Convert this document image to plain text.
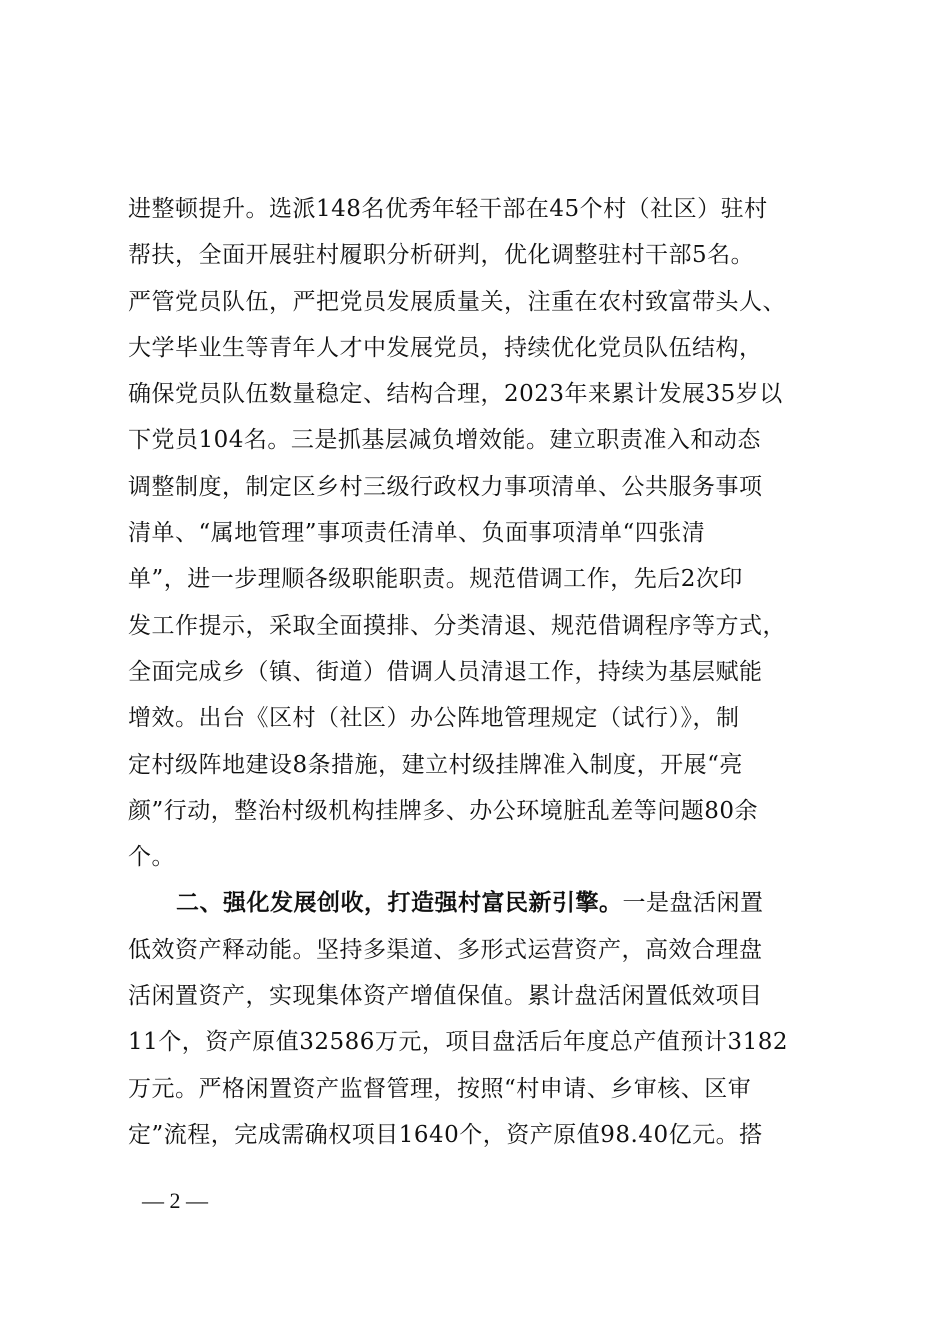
进整顿提升。选派148名优秀年轻干部在45个村（社区）驻村
帮扶，全面开展驻村履职分析研判，优化调整驻村干部5名。
严管党员队伍，严把党员发展质量关，注重在农村致富带头人、
大学毕业生等青年人才中发展党员，持续优化党员队伍结构，
确保党员队伍数量稳定、结构合理，2023年来累计发展35岁以
下党员104名。三是抓基层减负增效能。建立职责准入和动态
调整制度，制定区乡村三级行政权力事项清单、公共服务事项
清单、“属地管理”事项责任清单、负面事项清单“四张清
单”，进一步理顺各级职能职责。规范借调工作，先后2次印
发工作提示，采取全面摸排、分类清退、规范借调程序等方式，
全面完成乡（镇、街道）借调人员清退工作，持续为基层赋能
增效。出台《区村（社区）办公阵地管理规定（试行）》，制
定村级阵地建设8条措施，建立村级挂牌准入制度，开展“亮
颜”行动，整治村级机构挂牌多、办公环境脏乱差等问题80余
个。
二、强化发展创收，打造强村富民新引擎。一是盘活闲置
低效资产释动能。坚持多渠道、多形式运营资产，高效合理盘
活闲置资产，实现集体资产增值保值。累计盘活闲置低效项目
11个，资产原值32586万元，项目盘活后年度总产值预计3182
万元。严格闲置资产监督管理，按照“村申请、乡审核、区审
定”流程，完成需确权项目1640个，资产原值98.40亿元。搭
— 2 —
